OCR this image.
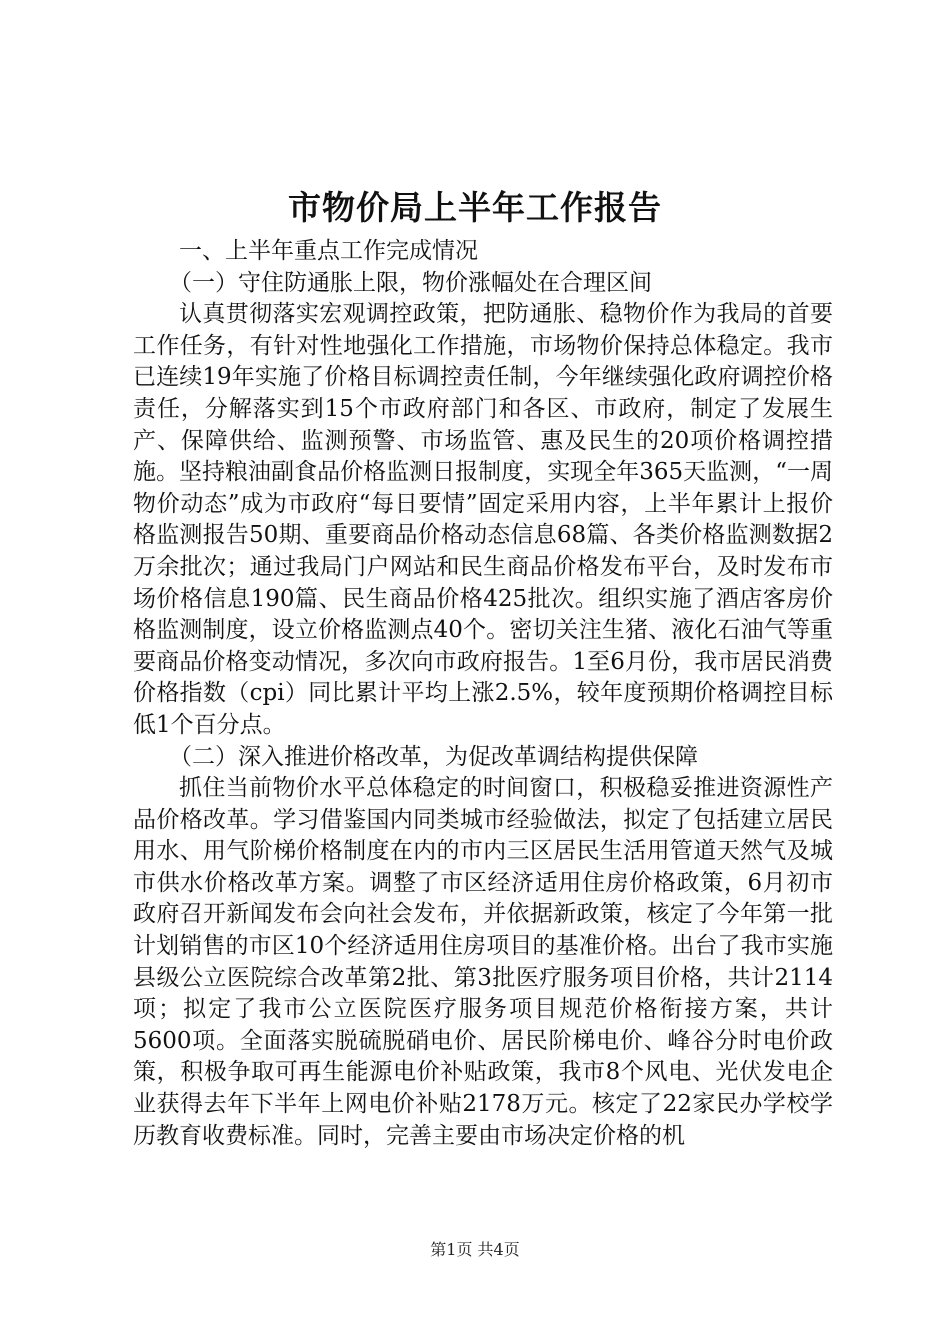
市物价局上半年工作报告

一、上半年重点工作完成情况

（一）守住防通胀上限，物价涨幅处在合理区间

认真贯彻落实宏观调控政策，把防通胀、稳物价作为我局的首要工作任务，有针对性地强化工作措施，市场物价保持总体稳定。我市已连续19年实施了价格目标调控责任制，今年继续强化政府调控价格责任，分解落实到15个市政府部门和各区、市政府，制定了发展生产、保障供给、监测预警、市场监管、惠及民生的20项价格调控措施。坚持粮油副食品价格监测日报制度，实现全年365天监测，“一周物价动态”成为市政府“每日要情”固定采用内容，上半年累计上报价格监测报告50期、重要商品价格动态信息68篇、各类价格监测数据2万余批次；通过我局门户网站和民生商品价格发布平台，及时发布市场价格信息190篇、民生商品价格425批次。组织实施了酒店客房价格监测制度，设立价格监测点40个。密切关注生猪、液化石油气等重要商品价格变动情况，多次向市政府报告。1至6月份，我市居民消费价格指数（cpi）同比累计平均上涨2.5%，较年度预期价格调控目标低1个百分点。

（二）深入推进价格改革，为促改革调结构提供保障

抓住当前物价水平总体稳定的时间窗口，积极稳妥推进资源性产品价格改革。学习借鉴国内同类城市经验做法，拟定了包括建立居民用水、用气阶梯价格制度在内的市内三区居民生活用管道天然气及城市供水价格改革方案。调整了市区经济适用住房价格政策，6月初市政府召开新闻发布会向社会发布，并依据新政策，核定了今年第一批计划销售的市区10个经济适用住房项目的基准价格。出台了我市实施县级公立医院综合改革第2批、第3批医疗服务项目价格，共计2114项；拟定了我市公立医院医疗服务项目规范价格衔接方案，共计5600项。全面落实脱硫脱硝电价、居民阶梯电价、峰谷分时电价政策，积极争取可再生能源电价补贴政策，我市8个风电、光伏发电企业获得去年下半年上网电价补贴2178万元。核定了22家民办学校学历教育收费标准。同时，完善主要由市场决定价格的机

第1页 共4页
